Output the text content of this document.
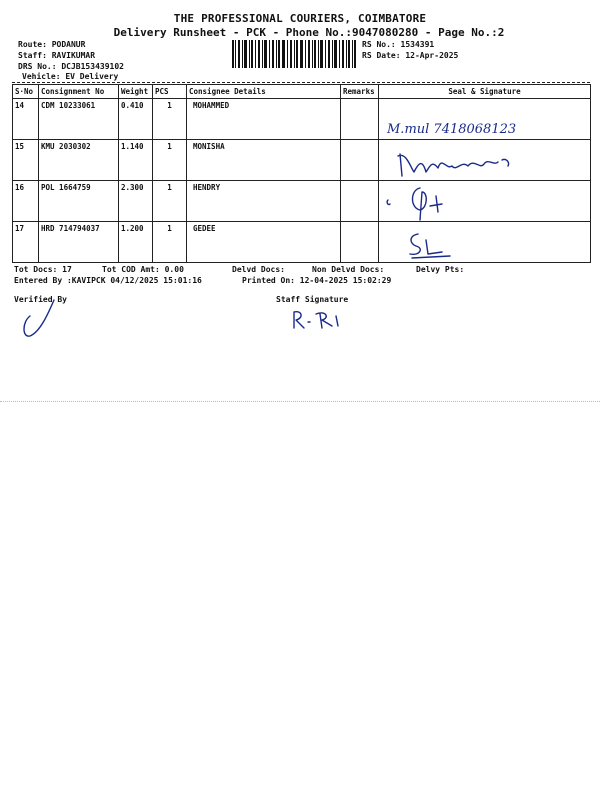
THE PROFESSIONAL COURIERS, COIMBATORE
Delivery Runsheet - PCK - Phone No.:9047080280 - Page No.:2
Route: PODANUR
Staff: RAVIKUMAR
DRS No.: DCJB153439102
Vehicle: EV Delivery
RS No.: 1534391
RS Date: 12-Apr-2025
S·No	Consignment No	Weight	PCS	Consignee Details	Remarks	Seal & Signature
14	CDM 10233061	0.410	1	MOHAMMED		M.mul 7418068123
15	KMU 2030302	1.140	1	MONISHA		
16	POL 1664759	2.300	1	HENDRY		
17	HRD 714794037	1.200	1	GEDEE		
Tot Docs: 17	Tot COD Amt: 0.00	Delvd Docs:	Non Delvd Docs:	Delvy Pts:
Entered By :KAVIPCK 04/12/2025 15:01:16	Printed On: 12-04-2025 15:02:29
Verified By	Staff Signature
